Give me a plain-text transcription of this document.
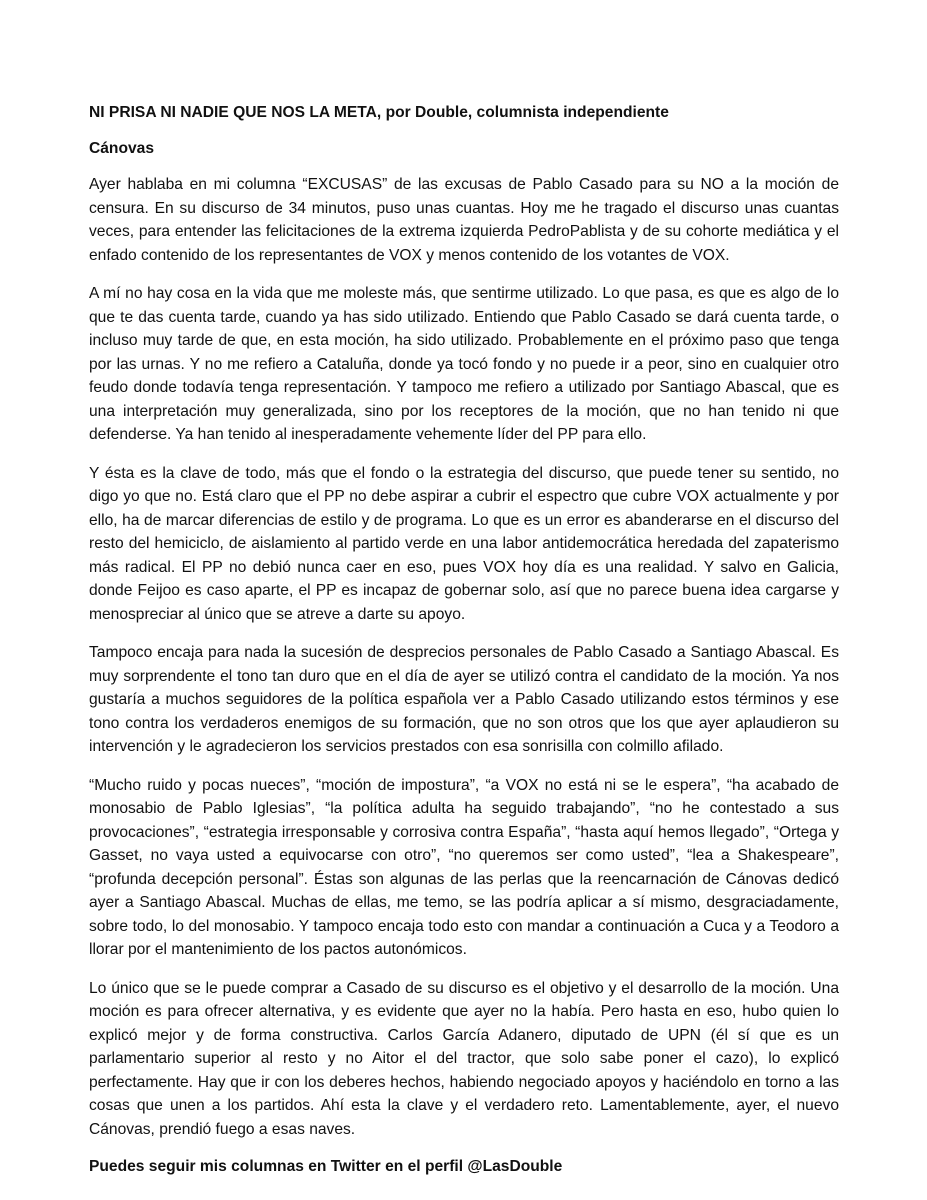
NI PRISA NI NADIE QUE NOS LA META, por Double, columnista independiente

Cánovas

Ayer hablaba en mi columna “EXCUSAS” de las excusas de Pablo Casado para su NO a la moción de censura. En su discurso de 34 minutos, puso unas cuantas. Hoy me he tragado el discurso unas cuantas veces, para entender las felicitaciones de la extrema izquierda PedroPablista y de su cohorte mediática y el enfado contenido de los representantes de VOX y menos contenido de los votantes de VOX.

A mí no hay cosa en la vida que me moleste más, que sentirme utilizado. Lo que pasa, es que es algo de lo que te das cuenta tarde, cuando ya has sido utilizado. Entiendo que Pablo Casado se dará cuenta tarde, o incluso muy tarde de que, en esta moción, ha sido utilizado. Probablemente en el próximo paso que tenga por las urnas. Y no me refiero a Cataluña, donde ya tocó fondo y no puede ir a peor, sino en cualquier otro feudo donde todavía tenga representación. Y tampoco me refiero a utilizado por Santiago Abascal, que es una interpretación muy generalizada, sino por los receptores de la moción, que no han tenido ni que defenderse. Ya han tenido al inesperadamente vehemente líder del PP para ello.

Y ésta es la clave de todo, más que el fondo o la estrategia del discurso, que puede tener su sentido, no digo yo que no. Está claro que el PP no debe aspirar a cubrir el espectro que cubre VOX actualmente y por ello, ha de marcar diferencias de estilo y de programa. Lo que es un error es abanderarse en el discurso del resto del hemiciclo, de aislamiento al partido verde en una labor antidemocrática heredada del zapaterismo más radical. El PP no debió nunca caer en eso, pues VOX hoy día es una realidad. Y salvo en Galicia, donde Feijoo es caso aparte, el PP es incapaz de gobernar solo, así que no parece buena idea cargarse y menospreciar al único que se atreve a darte su apoyo.

Tampoco encaja para nada la sucesión de desprecios personales de Pablo Casado a Santiago Abascal. Es muy sorprendente el tono tan duro que en el día de ayer se utilizó contra el candidato de la moción. Ya nos gustaría a muchos seguidores de la política española ver a Pablo Casado utilizando estos términos y ese tono contra los verdaderos enemigos de su formación, que no son otros que los que ayer aplaudieron su intervención y le agradecieron los servicios prestados con esa sonrisilla con colmillo afilado.

“Mucho ruido y pocas nueces”, “moción de impostura”, “a VOX no está ni se le espera”, “ha acabado de monosabio de Pablo Iglesias”, “la política adulta ha seguido trabajando”, “no he contestado a sus provocaciones”, “estrategia irresponsable y corrosiva contra España”, “hasta aquí hemos llegado”, “Ortega y Gasset, no vaya usted a equivocarse con otro”, “no queremos ser como usted”, “lea a Shakespeare”, “profunda decepción personal”. Éstas son algunas de las perlas que la reencarnación de Cánovas dedicó ayer a Santiago Abascal. Muchas de ellas, me temo, se las podría aplicar a sí mismo, desgraciadamente, sobre todo, lo del monosabio. Y tampoco encaja todo esto con mandar a continuación a Cuca y a Teodoro a llorar por el mantenimiento de los pactos autonómicos.

Lo único que se le puede comprar a Casado de su discurso es el objetivo y el desarrollo de la moción. Una moción es para ofrecer alternativa, y es evidente que ayer no la había. Pero hasta en eso, hubo quien lo explicó mejor y de forma constructiva. Carlos García Adanero, diputado de UPN (él sí que es un parlamentario superior al resto y no Aitor el del tractor, que solo sabe poner el cazo), lo explicó perfectamente. Hay que ir con los deberes hechos, habiendo negociado apoyos y haciéndolo en torno a las cosas que unen a los partidos. Ahí esta la clave y el verdadero reto. Lamentablemente, ayer, el nuevo Cánovas, prendió fuego a esas naves.

Puedes seguir mis columnas en Twitter en el perfil @LasDouble
